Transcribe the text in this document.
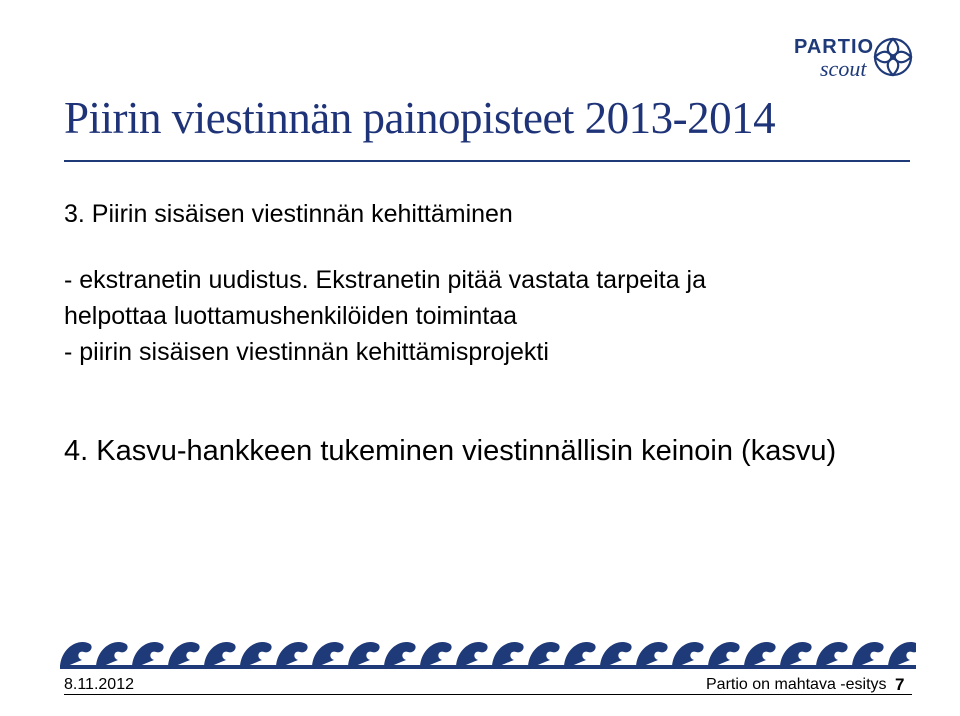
PARTIO
scout
Piirin viestinnän painopisteet 2013-2014
3. Piirin sisäisen viestinnän kehittäminen
- ekstranetin uudistus. Ekstranetin pitää vastata tarpeita ja
helpottaa luottamushenkilöiden toimintaa
- piirin sisäisen viestinnän kehittämisprojekti
4. Kasvu-hankkeen tukeminen viestinnällisin keinoin (kasvu)
8.11.2012	Partio on mahtava -esitys 7
